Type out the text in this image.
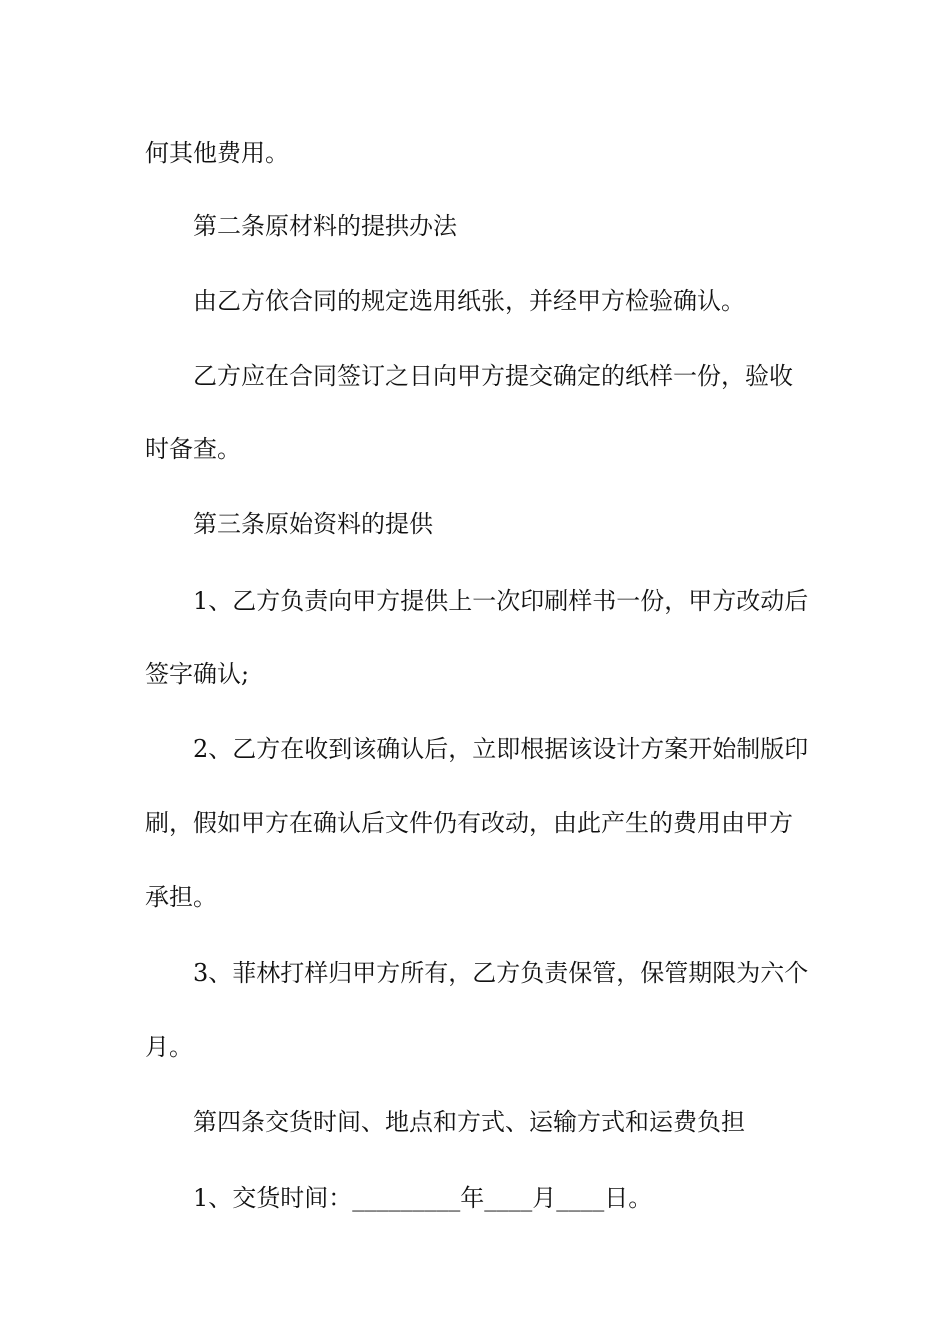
何其他费用。
第二条原材料的提拱办法
由乙方依合同的规定选用纸张，并经甲方检验确认。
乙方应在合同签订之日向甲方提交确定的纸样一份，验收
时备查。
第三条原始资料的提供
1、乙方负责向甲方提供上一次印刷样书一份，甲方改动后
签字确认;
2、乙方在收到该确认后，立即根据该设计方案开始制版印
刷，假如甲方在确认后文件仍有改动，由此产生的费用由甲方
承担。
3、菲林打样归甲方所有，乙方负责保管，保管期限为六个
月。
第四条交货时间、地点和方式、运输方式和运费负担
1、交货时间：_________年____月____日。
